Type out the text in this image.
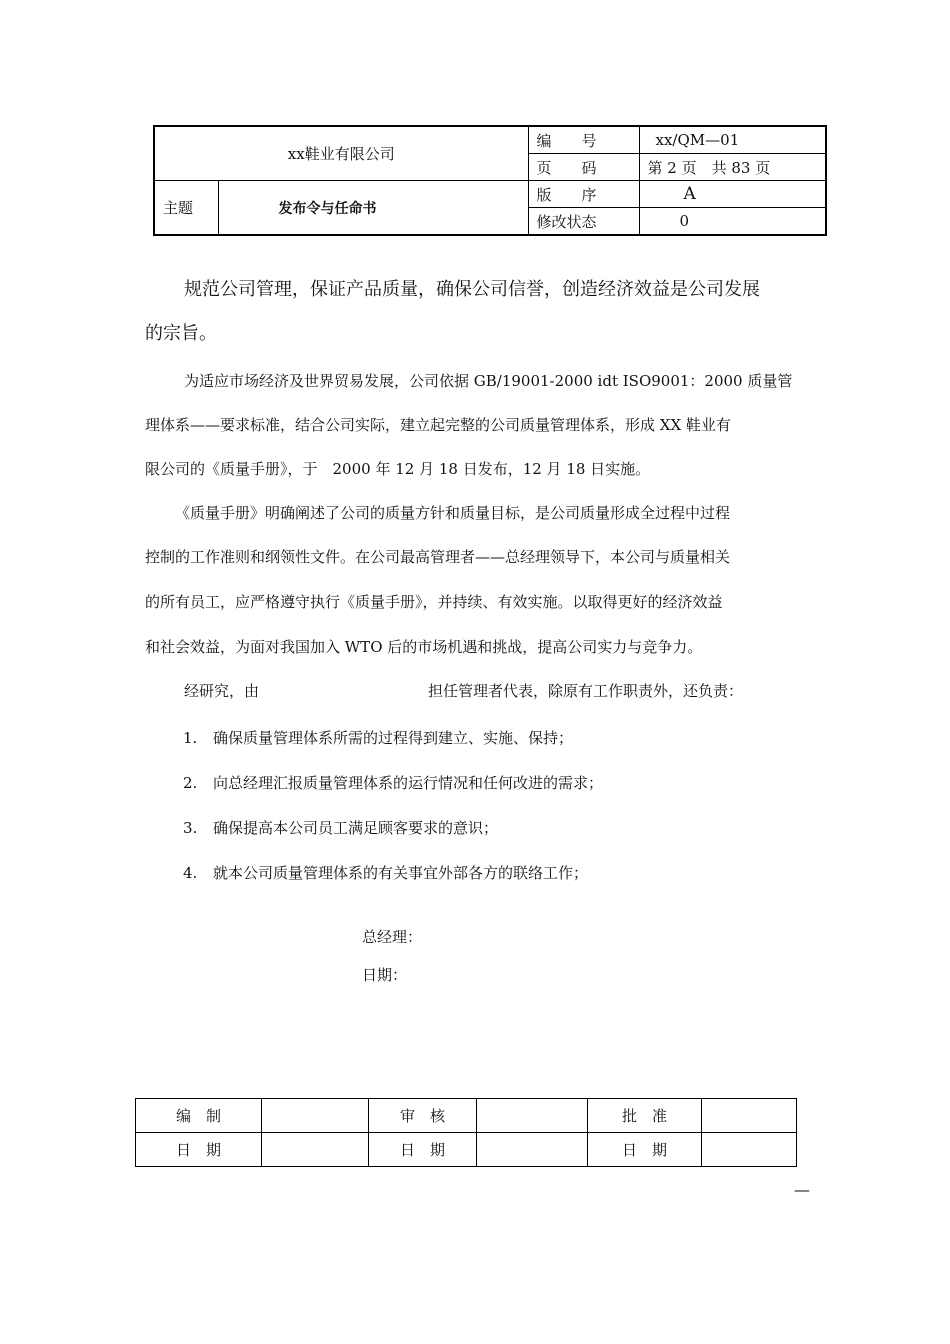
xx鞋业有限公司		编　　号	xx/QM—01
		页　　码	第 2 页　共 83 页
主题	发布令与任命书	版　　序	A
		修改状态	0

规范公司管理，保证产品质量，确保公司信誉，创造经济效益是公司发展

的宗旨。

为适应市场经济及世界贸易发展，公司依据 GB/19001-2000 idt ISO9001：2000 质量管

理体系——要求标准，结合公司实际，建立起完整的公司质量管理体系，形成 XX 鞋业有

限公司的《质量手册》，于　2000 年 12 月 18 日发布，12 月 18 日实施。

《质量手册》明确阐述了公司的质量方针和质量目标，是公司质量形成全过程中过程

控制的工作准则和纲领性文件。在公司最高管理者——总经理领导下，本公司与质量相关

的所有员工，应严格遵守执行《质量手册》，并持续、有效实施。以取得更好的经济效益

和社会效益，为面对我国加入 WTO 后的市场机遇和挑战，提高公司实力与竞争力。

经研究，由	担任管理者代表，除原有工作职责外，还负责：

1. 确保质量管理体系所需的过程得到建立、实施、保持；
2. 向总经理汇报质量管理体系的运行情况和任何改进的需求；
3. 确保提高本公司员工满足顾客要求的意识；
4. 就本公司质量管理体系的有关事宜外部各方的联络工作；

总经理：

日期：

编　制		审　核		批　准	
日　期		日　期		日　期	

—
